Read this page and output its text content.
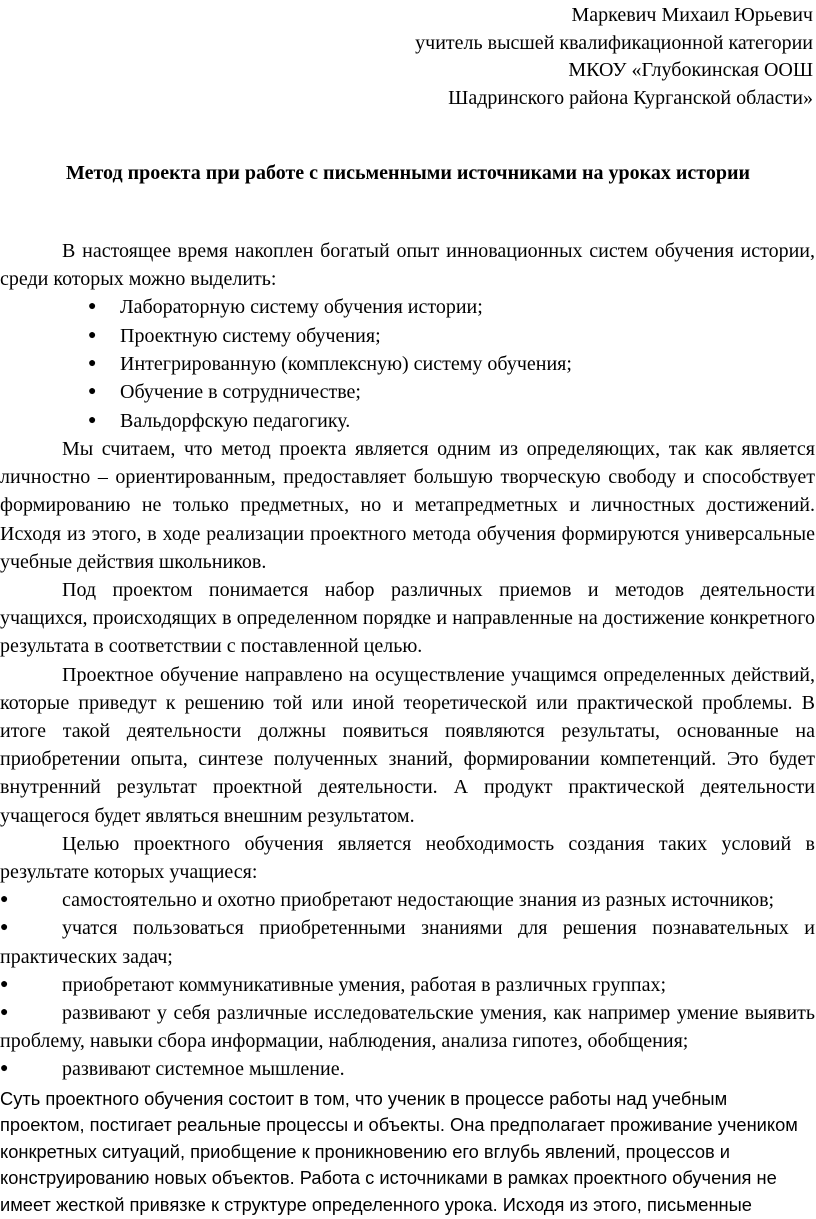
Маркевич Михаил Юрьевич
учитель высшей квалификационной категории
МКОУ «Глубокинская ООШ
Шадринского района Курганской области»
Метод проекта при работе с письменными источниками на уроках истории

В настоящее время накоплен богатый опыт инновационных систем обучения истории, среди которых можно выделить:

● Лабораторную систему обучения истории;
● Проектную систему обучения;
● Интегрированную (комплексную) систему обучения;
● Обучение в сотрудничестве;
● Вальдорфскую педагогику.

Мы считаем, что метод проекта является одним из определяющих, так как является личностно – ориентированным, предоставляет большую творческую свободу и способствует формированию не только предметных, но и метапредметных и личностных достижений. Исходя из этого, в ходе реализации проектного метода обучения формируются универсальные учебные действия школьников.

Под проектом понимается набор различных приемов и методов деятельности учащихся, происходящих в определенном порядке и направленные на достижение конкретного результата в соответствии с поставленной целью.

Проектное обучение направлено на осуществление учащимся определенных действий, которые приведут к решению той или иной теоретической или практической проблемы. В итоге такой деятельности должны появиться появляются результаты, основанные на приобретении опыта, синтезе полученных знаний, формировании компетенций. Это будет внутренний результат проектной деятельности. А продукт практической деятельности учащегося будет являться внешним результатом.

Целью проектного обучения является необходимость создания таких условий в результате которых учащиеся:

●	самостоятельно и охотно приобретают недостающие знания из разных источников;
●	учатся пользоваться приобретенными знаниями для решения познавательных и практических задач;
●	приобретают коммуникативные умения, работая в различных группах;
●	развивают у себя различные исследовательские умения, как например умение выявить проблему, навыки сбора информации, наблюдения, анализа гипотез, обобщения;
●	развивают системное мышление.

Суть проектного обучения состоит в том, что ученик в процессе работы над учебным проектом, постигает реальные процессы и объекты. Она предполагает проживание учеником конкретных ситуаций, приобщение к проникновению его вглубь явлений, процессов и конструированию новых объектов. Работа с источниками в рамках проектного обучения не имеет жесткой привязке к структуре определенного урока. Исходя из этого, письменные
